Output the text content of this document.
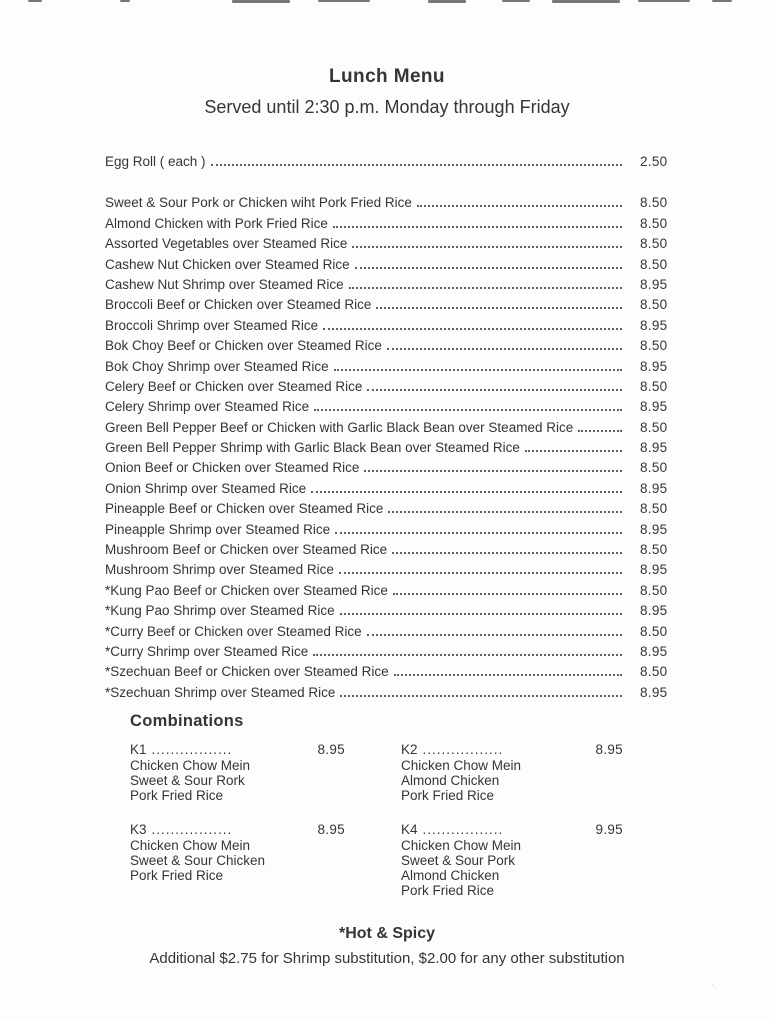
Lunch Menu
Served until 2:30 p.m. Monday through Friday
Egg Roll ( each )	2.50
Sweet & Sour Pork or Chicken wiht Pork Fried Rice	8.50
Almond Chicken with Pork Fried Rice	8.50
Assorted Vegetables over Steamed Rice	8.50
Cashew Nut Chicken over Steamed Rice	8.50
Cashew Nut Shrimp over Steamed Rice	8.95
Broccoli Beef or Chicken over Steamed Rice	8.50
Broccoli Shrimp over Steamed Rice	8.95
Bok Choy Beef or Chicken over Steamed Rice	8.50
Bok Choy Shrimp over Steamed Rice	8.95
Celery Beef or Chicken over Steamed Rice	8.50
Celery Shrimp over Steamed Rice	8.95
Green Bell Pepper Beef or Chicken with Garlic Black Bean over Steamed Rice	8.50
Green Bell Pepper Shrimp with Garlic Black Bean over Steamed Rice	8.95
Onion Beef or Chicken over Steamed Rice	8.50
Onion Shrimp over Steamed Rice	8.95
Pineapple Beef or Chicken over Steamed Rice	8.50
Pineapple Shrimp over Steamed Rice	8.95
Mushroom Beef or Chicken over Steamed Rice	8.50
Mushroom Shrimp over Steamed Rice	8.95
*Kung Pao Beef or Chicken over Steamed Rice	8.50
*Kung Pao Shrimp over Steamed Rice	8.95
*Curry Beef or Chicken over Steamed Rice	8.50
*Curry Shrimp over Steamed Rice	8.95
*Szechuan Beef or Chicken over Steamed Rice	8.50
*Szechuan Shrimp over Steamed Rice	8.95
Combinations
K1 .................	8.95
Chicken Chow Mein
Sweet & Sour Rork
Pork Fried Rice
K2 .................	8.95
Chicken Chow Mein
Almond Chicken
Pork Fried Rice
K3 .................	8.95
Chicken Chow Mein
Sweet & Sour Chicken
Pork Fried Rice
K4 .................	9.95
Chicken Chow Mein
Sweet & Sour Pork
Almond Chicken
Pork Fried Rice
*Hot & Spicy
Additional $2.75 for Shrimp substitution, $2.00 for any other substitution
’·
